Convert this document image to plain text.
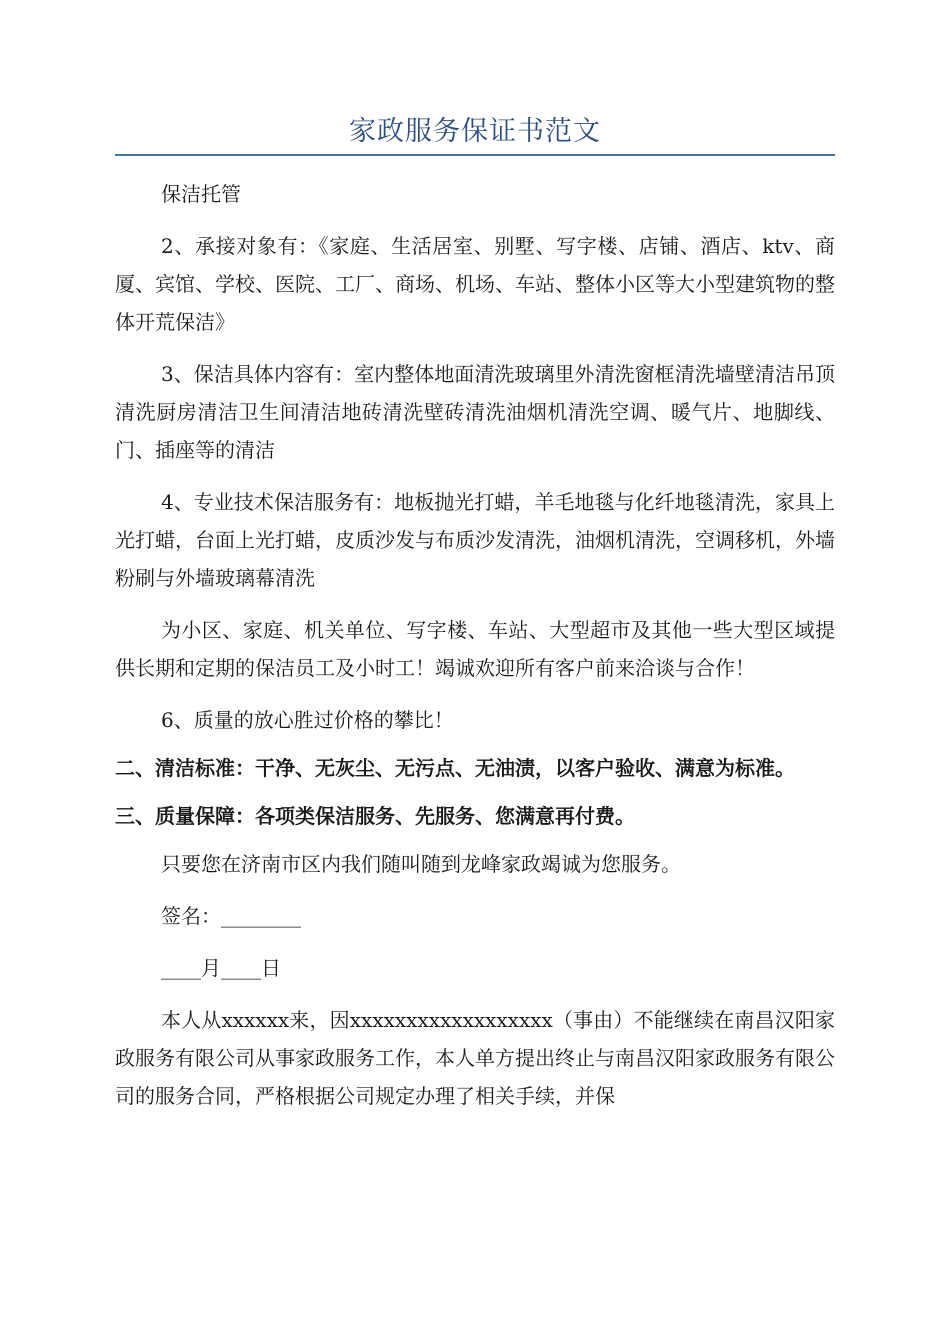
家政服务保证书范文

保洁托管

2、承接对象有：《家庭、生活居室、别墅、写字楼、店铺、酒店、ktv、商厦、宾馆、学校、医院、工厂、商场、机场、车站、整体小区等大小型建筑物的整体开荒保洁》

3、保洁具体内容有：室内整体地面清洗玻璃里外清洗窗框清洗墙壁清洁吊顶清洗厨房清洁卫生间清洁地砖清洗壁砖清洗油烟机清洗空调、暖气片、地脚线、门、插座等的清洁

4、专业技术保洁服务有：地板抛光打蜡，羊毛地毯与化纤地毯清洗，家具上光打蜡，台面上光打蜡，皮质沙发与布质沙发清洗，油烟机清洗，空调移机，外墙粉刷与外墙玻璃幕清洗

为小区、家庭、机关单位、写字楼、车站、大型超市及其他一些大型区域提供长期和定期的保洁员工及小时工！竭诚欢迎所有客户前来洽谈与合作！

6、质量的放心胜过价格的攀比！

二、清洁标准：干净、无灰尘、无污点、无油渍，以客户验收、满意为标准。

三、质量保障：各项类保洁服务、先服务、您满意再付费。

只要您在济南市区内我们随叫随到龙峰家政竭诚为您服务。

签名：________

____月____日

本人从xxxxxx来，因xxxxxxxxxxxxxxxxxx（事由）不能继续在南昌汉阳家政服务有限公司从事家政服务工作，本人单方提出终止与南昌汉阳家政服务有限公司的服务合同，严格根据公司规定办理了相关手续，并保
